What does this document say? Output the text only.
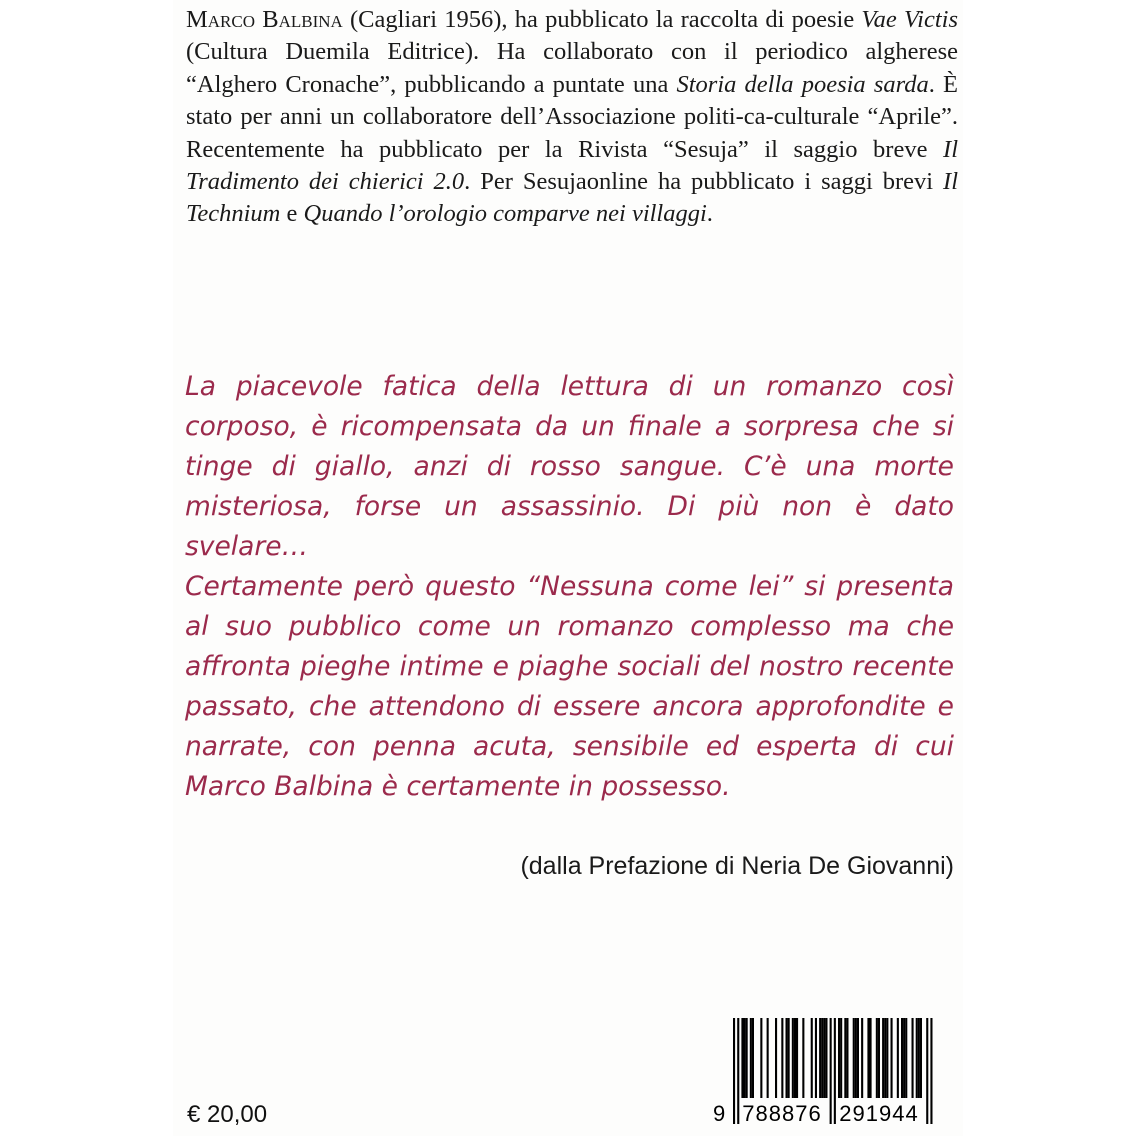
Marco Balbina (Cagliari 1956), ha pubblicato la raccolta di poesie Vae Victis (Cultura Duemila Editrice). Ha collaborato con il periodico algherese “Alghero Cronache”, pubblicando a puntate una Storia della poesia sarda. È stato per anni un collaboratore dell’Associazione politi-ca-culturale “Aprile”. Recentemente ha pubblicato per la Rivista “Sesuja” il saggio breve Il Tradimento dei chierici 2.0. Per Sesujaonline ha pubblicato i saggi brevi Il Technium e Quando l’orologio comparve nei villaggi.

La piacevole fatica della lettura di un romanzo così corposo, è ricompensata da un finale a sorpresa che si tinge di giallo, anzi di rosso sangue. C’è una morte misteriosa, forse un assassinio. Di più non è dato svelare…
Certamente però questo “Nessuna come lei” si presenta al suo pubblico come un romanzo complesso ma che affronta pieghe intime e piaghe sociali del nostro recente passato, che attendono di essere ancora approfondite e narrate, con penna acuta, sensibile ed esperta di cui Marco Balbina è certamente in possesso.

(dalla Prefazione di Neria De Giovanni)

€ 20,00	9 788876 291944
